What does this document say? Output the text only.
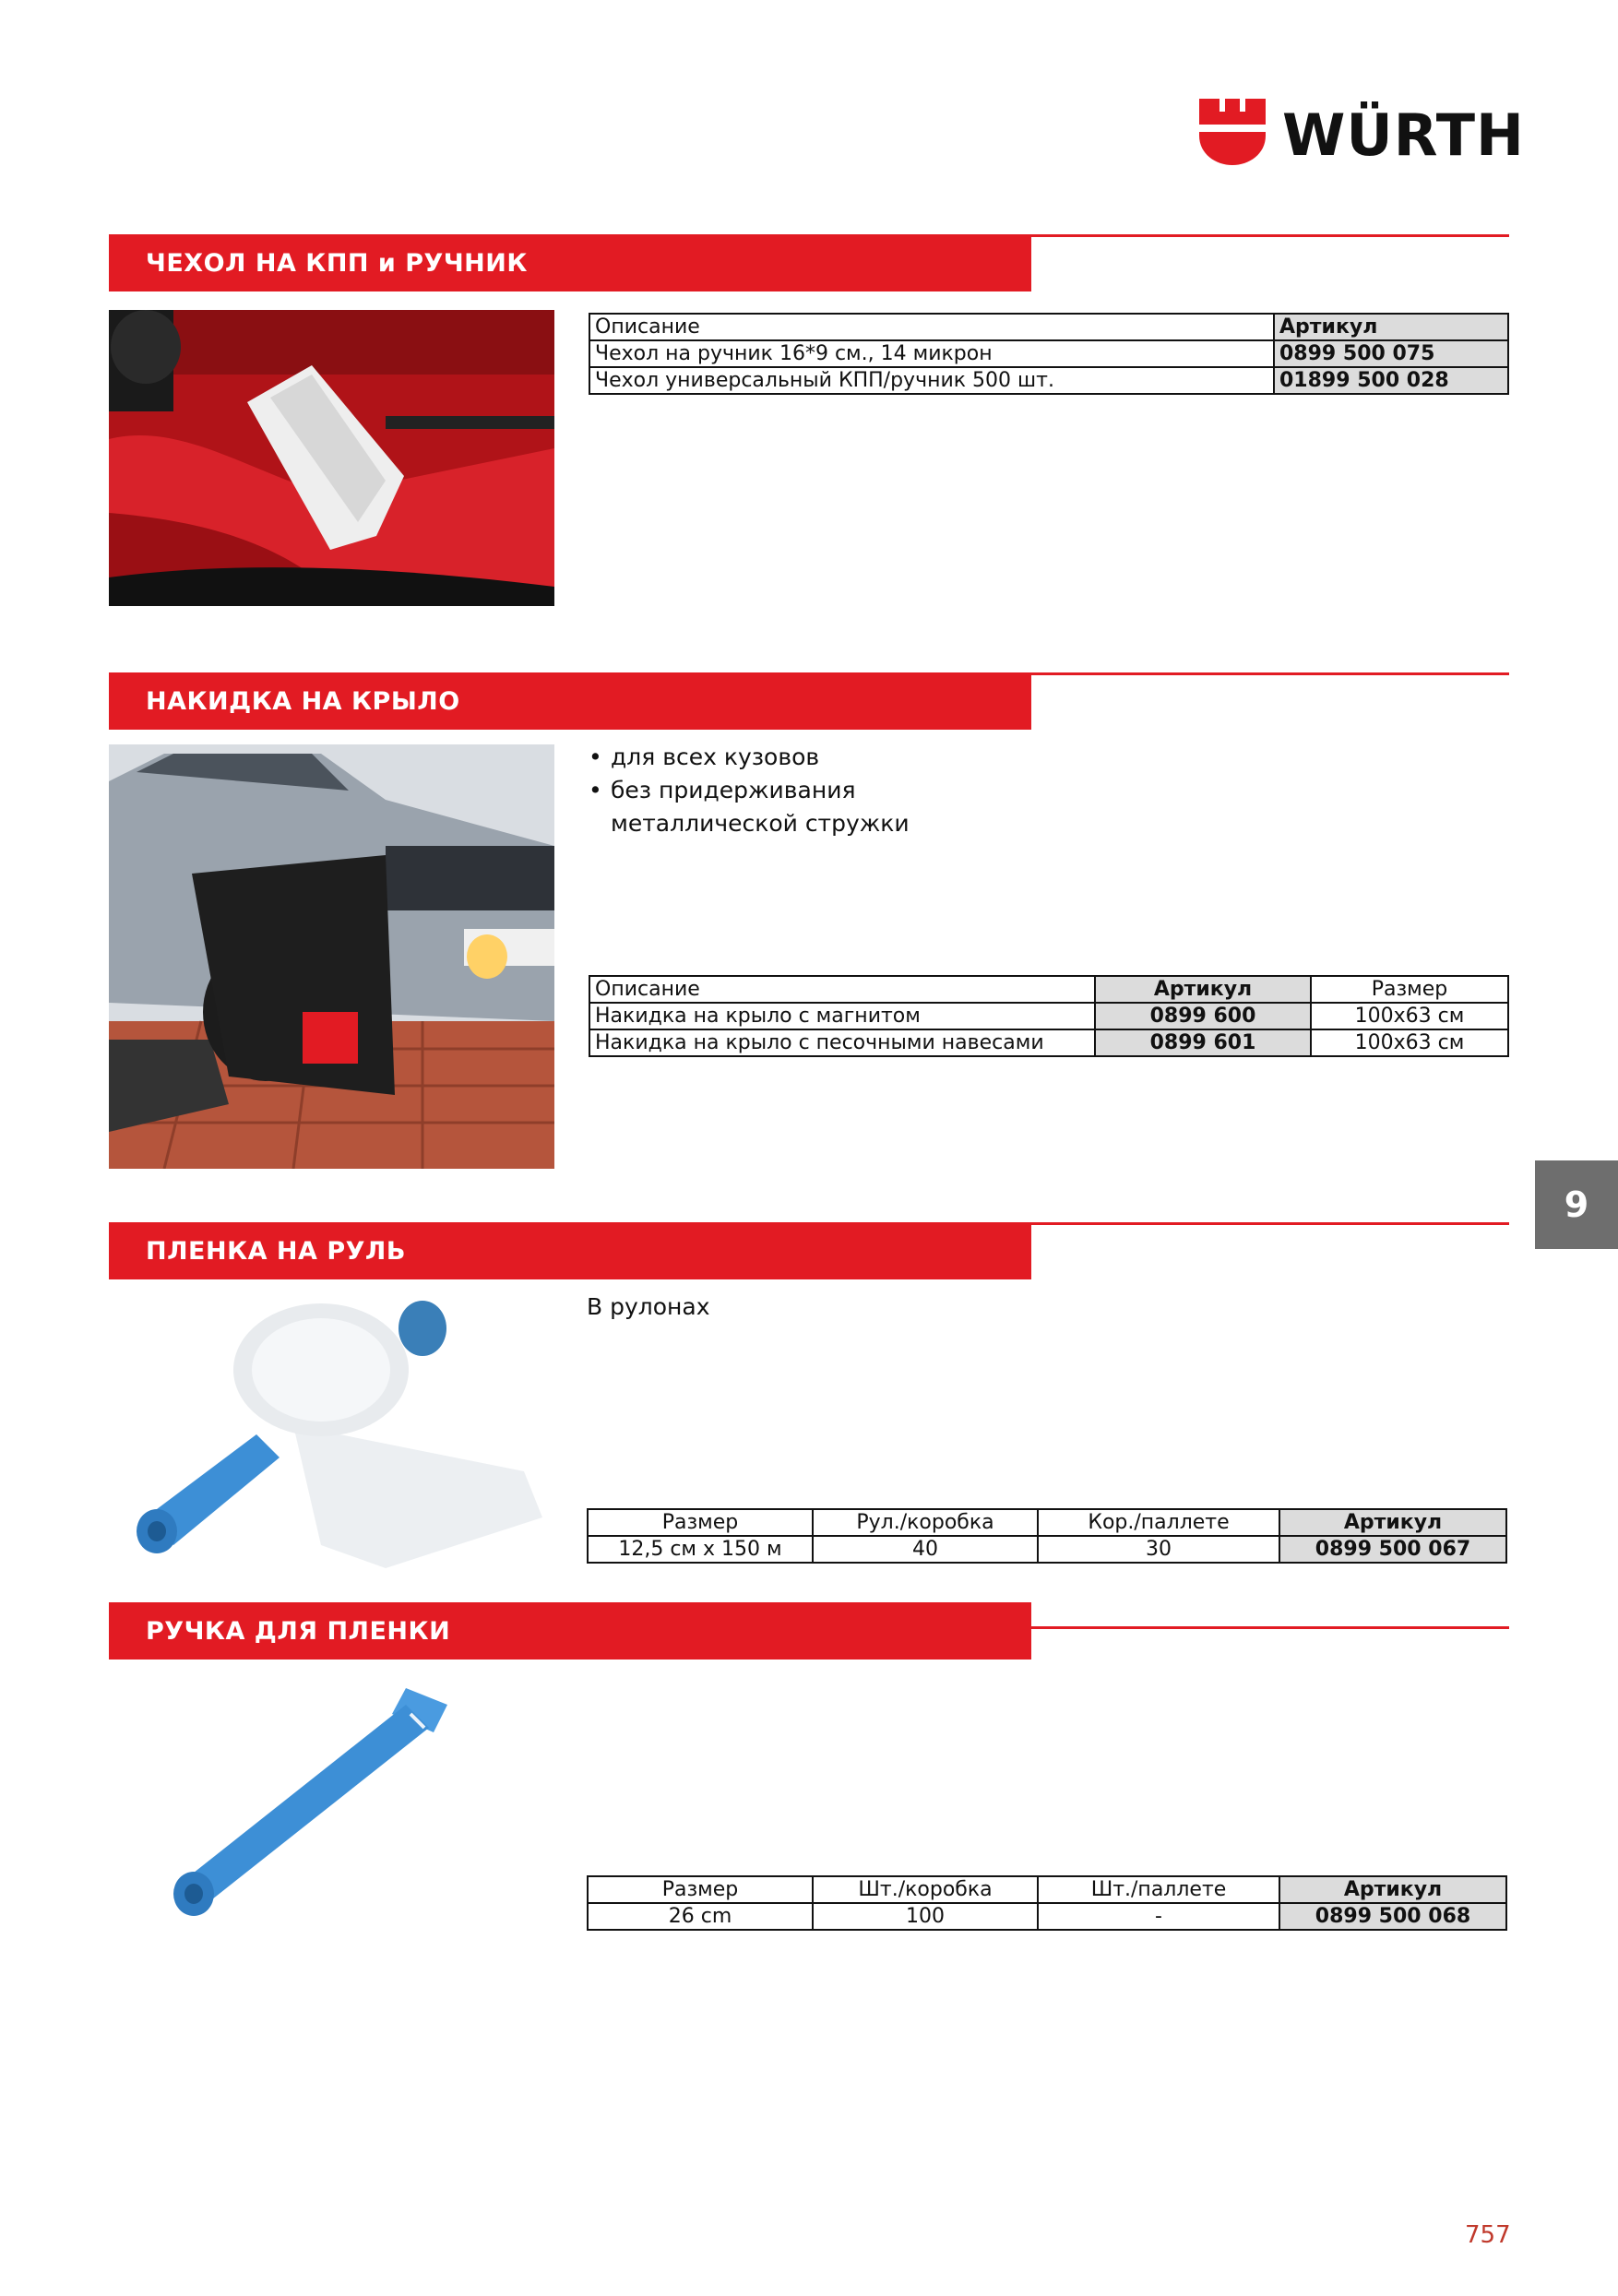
WÜRTH
ЧЕХОЛ НА КПП и РУЧНИК
Описание	Артикул
Чехол на ручник 16*9 см., 14 микрон	0899 500 075
Чехол универсальный КПП/ручник 500 шт.	01899 500 028
НАКИДКА НА КРЫЛО
• для всех кузовов
• без придерживания металлической стружки
Описание	Артикул	Размер
Накидка на крыло с магнитом	0899 600	100x63 см
Накидка на крыло с песочными навесами	0899 601	100x63 см
9
ПЛЕНКА НА РУЛЬ
В рулонах
Размер	Рул./коробка	Кор./паллете	Артикул
12,5 см х 150 м	40	30	0899 500 067
РУЧКА ДЛЯ ПЛЕНКИ
Размер	Шт./коробка	Шт./паллете	Артикул
26 cm	100	-	0899 500 068
757
